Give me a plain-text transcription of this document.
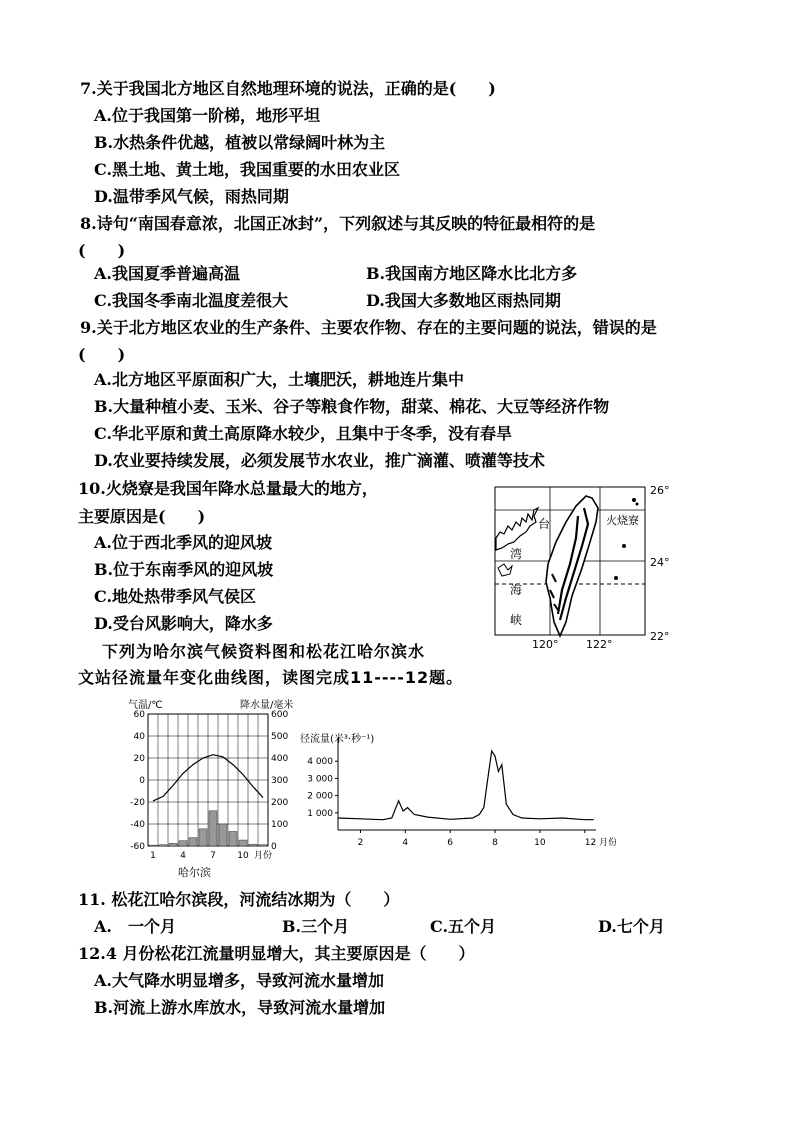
7.关于我国北方地区自然地理环境的说法，正确的是(　　)
A.位于我国第一阶梯，地形平坦
B.水热条件优越，植被以常绿阔叶林为主
C.黑土地、黄土地，我国重要的水田农业区
D.温带季风气候，雨热同期
8.诗句“南国春意浓，北国正冰封”，下列叙述与其反映的特征最相符的是
(　　)
A.我国夏季普遍高温	B.我国南方地区降水比北方多
C.我国冬季南北温度差很大	D.我国大多数地区雨热同期
9.关于北方地区农业的生产条件、主要农作物、存在的主要问题的说法，错误的是
(　　)
A.北方地区平原面积广大，土壤肥沃，耕地连片集中
B.大量种植小麦、玉米、谷子等粮食作物，甜菜、棉花、大豆等经济作物
C.华北平原和黄土高原降水较少，且集中于冬季，没有春旱
D.农业要持续发展，必须发展节水农业，推广滴灌、喷灌等技术
10.火烧寮是我国年降水总量最大的地方，
主要原因是(　　)
A.位于西北季风的迎风坡
B.位于东南季风的迎风坡
C.地处热带季风气侯区
D.受台风影响大，降水多
台
湾
海
峡
火烧寮
26°
24°
22°
120°	122°
下列为哈尔滨气候资料图和松花江哈尔滨水
文站径流量年变化曲线图，读图完成11----12题。
气温/℃	降水量/毫米
哈尔滨
60	600
40	500
20	400
0	300
-20	200
-40	100
-60	0
1	4	7 10 月份
径流量(米³·秒⁻¹)
4 000
3 000
2 000
1 000
2	4	6	8	10	12 月份
11. 松花江哈尔滨段，河流结冰期为（　　）
A.　一个月	B.三个月	C.五个月	D.七个月
12.4 月份松花江流量明显增大，其主要原因是（　　）
A.大气降水明显增多，导致河流水量增加
B.河流上游水库放水，导致河流水量增加
